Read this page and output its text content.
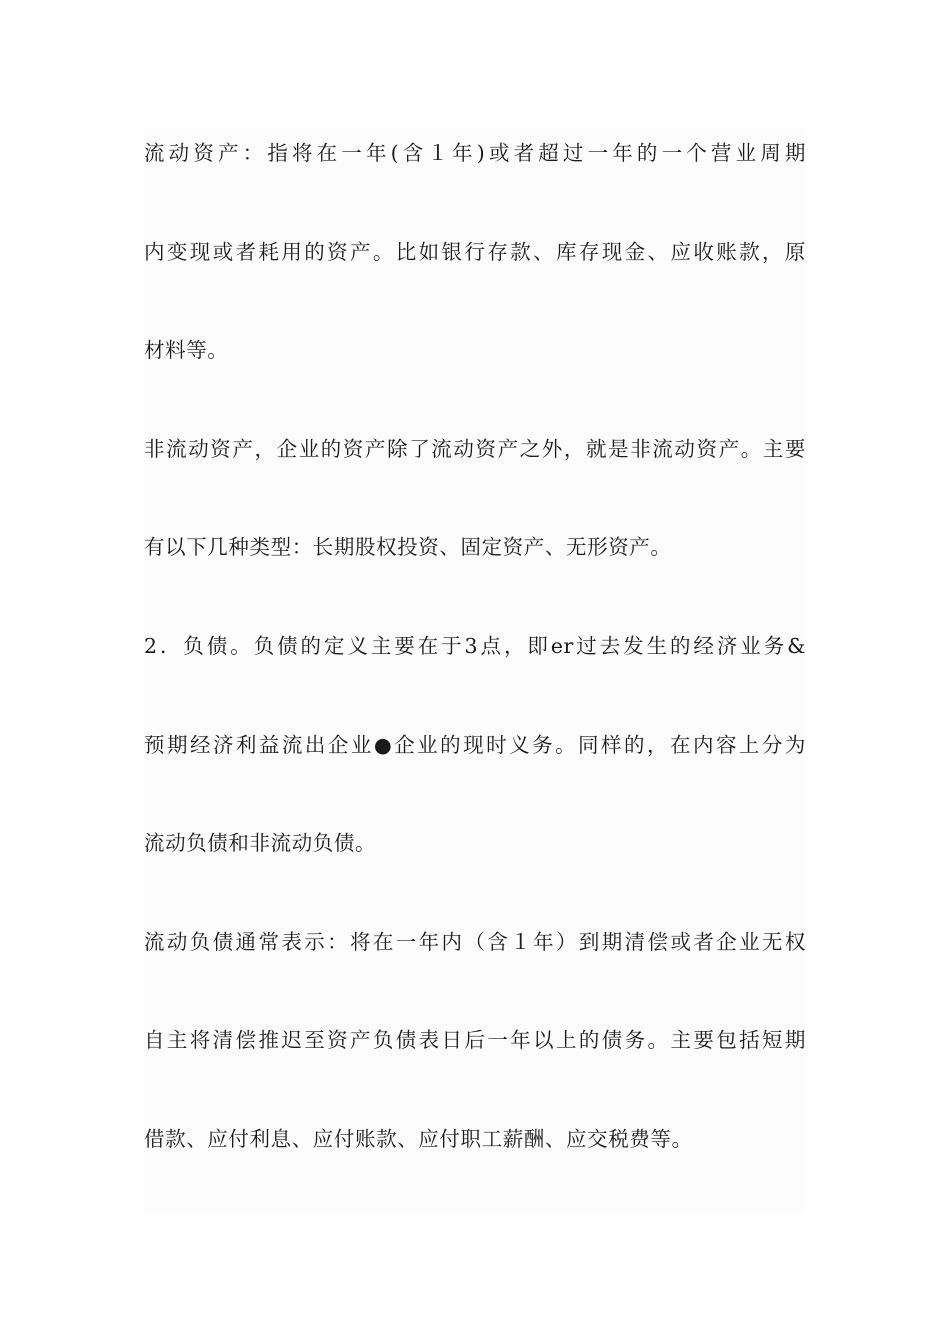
流动资产：指将在一年(含１年)或者超过一年的一个营业周期
内变现或者耗用的资产。比如银行存款、库存现金、应收账款，原
材料等。
非流动资产，企业的资产除了流动资产之外，就是非流动资产。主要
有以下几种类型：长期股权投资、固定资产、无形资产。
2．负债。负债的定义主要在于3点，即er过去发生的经济业务&
预期经济利益流出企业●企业的现时义务。同样的，在内容上分为
流动负债和非流动负债。
流动负债通常表示：将在一年内（含１年）到期清偿或者企业无权
自主将清偿推迟至资产负债表日后一年以上的债务。主要包括短期
借款、应付利息、应付账款、应付职工薪酬、应交税费等。
